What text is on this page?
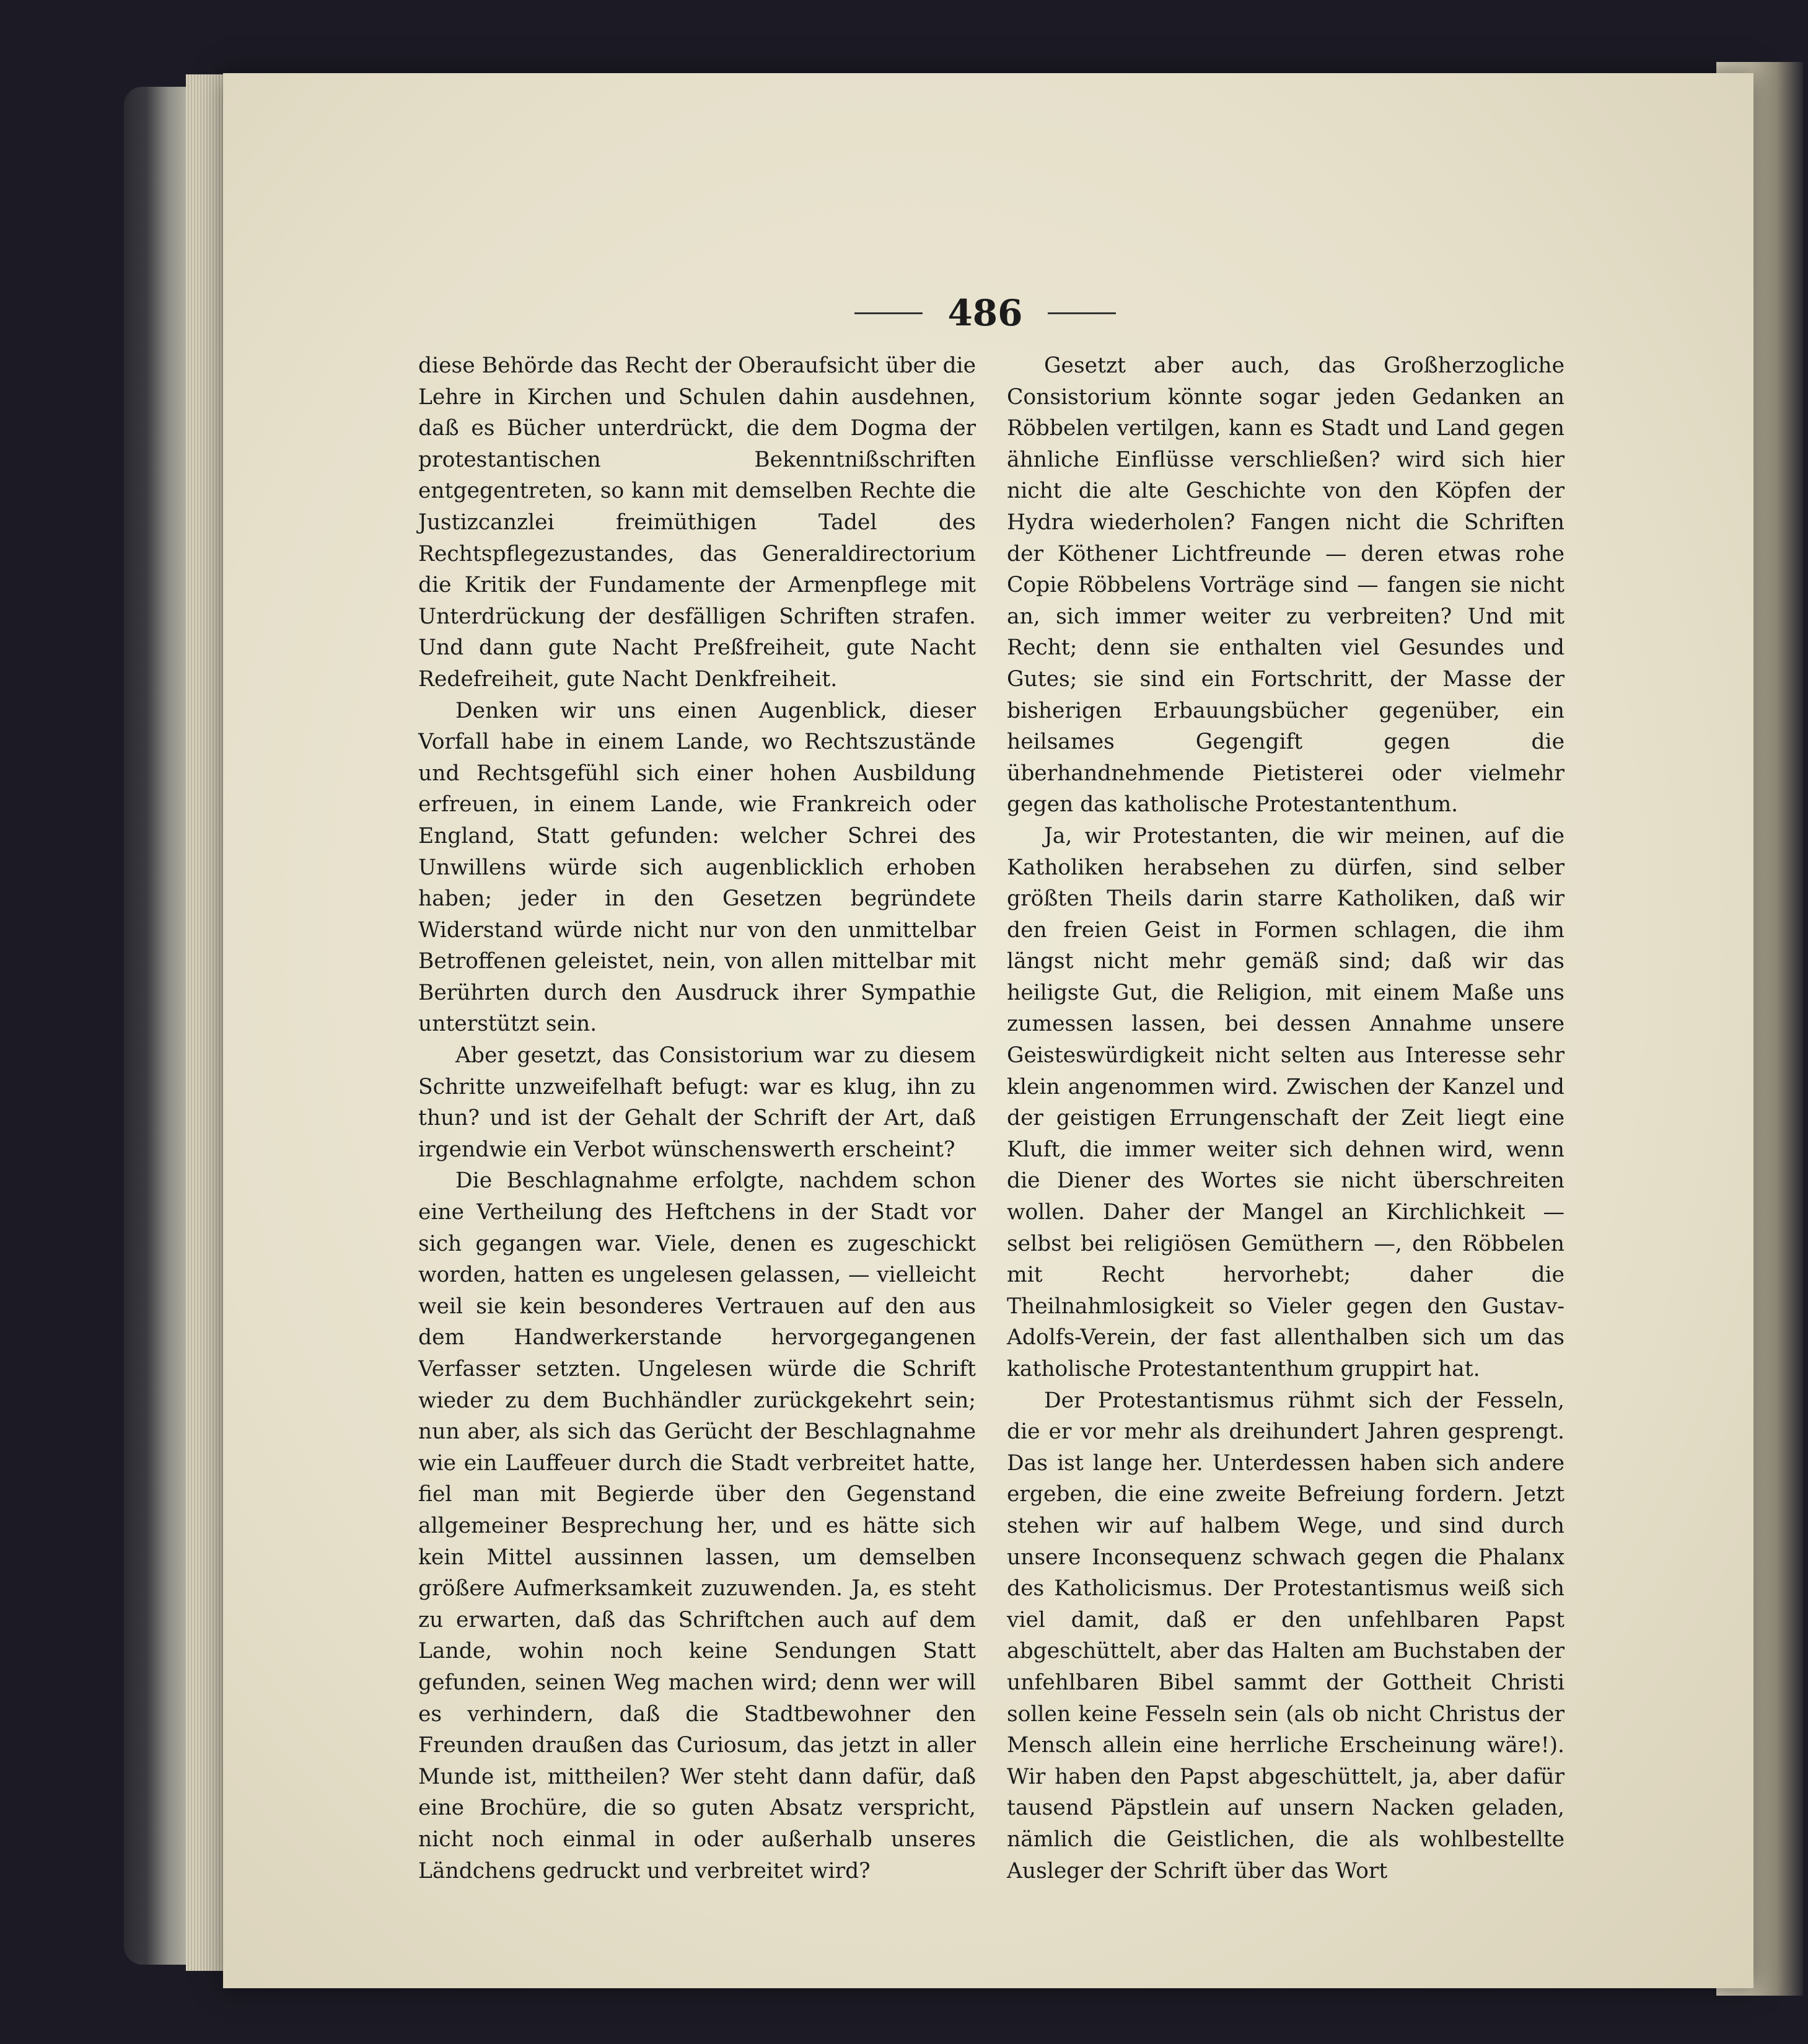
486

diese Behörde das Recht der Oberaufsicht über die Lehre in Kirchen und Schulen dahin ausdehnen, daß es Bücher unterdrückt, die dem Dogma der protestantischen Bekenntnißschriften entgegentreten, so kann mit demselben Rechte die Justizcanzlei freimüthigen Tadel des Rechtspflegezustandes, das Generaldirectorium die Kritik der Fundamente der Armenpflege mit Unterdrückung der desfälligen Schriften strafen. Und dann gute Nacht Preßfreiheit, gute Nacht Redefreiheit, gute Nacht Denkfreiheit.

Denken wir uns einen Augenblick, dieser Vorfall habe in einem Lande, wo Rechtszustände und Rechtsgefühl sich einer hohen Ausbildung erfreuen, in einem Lande, wie Frankreich oder England, Statt gefunden: welcher Schrei des Unwillens würde sich augenblicklich erhoben haben; jeder in den Gesetzen begründete Widerstand würde nicht nur von den unmittelbar Betroffenen geleistet, nein, von allen mittelbar mit Berührten durch den Ausdruck ihrer Sympathie unterstützt sein.

Aber gesetzt, das Consistorium war zu diesem Schritte unzweifelhaft befugt: war es klug, ihn zu thun? und ist der Gehalt der Schrift der Art, daß irgendwie ein Verbot wünschenswerth erscheint?

Die Beschlagnahme erfolgte, nachdem schon eine Vertheilung des Heftchens in der Stadt vor sich gegangen war. Viele, denen es zugeschickt worden, hatten es ungelesen gelassen, — vielleicht weil sie kein besonderes Vertrauen auf den aus dem Handwerkerstande hervorgegangenen Verfasser setzten. Ungelesen würde die Schrift wieder zu dem Buchhändler zurückgekehrt sein; nun aber, als sich das Gerücht der Beschlagnahme wie ein Lauffeuer durch die Stadt verbreitet hatte, fiel man mit Begierde über den Gegenstand allgemeiner Besprechung her, und es hätte sich kein Mittel aussinnen lassen, um demselben größere Aufmerksamkeit zuzuwenden. Ja, es steht zu erwarten, daß das Schriftchen auch auf dem Lande, wohin noch keine Sendungen Statt gefunden, seinen Weg machen wird; denn wer will es verhindern, daß die Stadtbewohner den Freunden draußen das Curiosum, das jetzt in aller Munde ist, mittheilen? Wer steht dann dafür, daß eine Brochüre, die so guten Absatz verspricht, nicht noch einmal in oder außerhalb unseres Ländchens gedruckt und verbreitet wird?

Gesetzt aber auch, das Großherzogliche Consistorium könnte sogar jeden Gedanken an Röbbelen vertilgen, kann es Stadt und Land gegen ähnliche Einflüsse verschließen? wird sich hier nicht die alte Geschichte von den Köpfen der Hydra wiederholen? Fangen nicht die Schriften der Köthener Lichtfreunde — deren etwas rohe Copie Röbbelens Vorträge sind — fangen sie nicht an, sich immer weiter zu verbreiten? Und mit Recht; denn sie enthalten viel Gesundes und Gutes; sie sind ein Fortschritt, der Masse der bisherigen Erbauungsbücher gegenüber, ein heilsames Gegengift gegen die überhandnehmende Pietisterei oder vielmehr gegen das katholische Protestantenthum.

Ja, wir Protestanten, die wir meinen, auf die Katholiken herabsehen zu dürfen, sind selber größten Theils darin starre Katholiken, daß wir den freien Geist in Formen schlagen, die ihm längst nicht mehr gemäß sind; daß wir das heiligste Gut, die Religion, mit einem Maße uns zumessen lassen, bei dessen Annahme unsere Geisteswürdigkeit nicht selten aus Interesse sehr klein angenommen wird. Zwischen der Kanzel und der geistigen Errungenschaft der Zeit liegt eine Kluft, die immer weiter sich dehnen wird, wenn die Diener des Wortes sie nicht überschreiten wollen. Daher der Mangel an Kirchlichkeit — selbst bei religiösen Gemüthern —, den Röbbelen mit Recht hervorhebt; daher die Theilnahmlosigkeit so Vieler gegen den Gustav-Adolfs-Verein, der fast allenthalben sich um das katholische Protestantenthum gruppirt hat.

Der Protestantismus rühmt sich der Fesseln, die er vor mehr als dreihundert Jahren gesprengt. Das ist lange her. Unterdessen haben sich andere ergeben, die eine zweite Befreiung fordern. Jetzt stehen wir auf halbem Wege, und sind durch unsere Inconsequenz schwach gegen die Phalanx des Katholicismus. Der Protestantismus weiß sich viel damit, daß er den unfehlbaren Papst abgeschüttelt, aber das Halten am Buchstaben der unfehlbaren Bibel sammt der Gottheit Christi sollen keine Fesseln sein (als ob nicht Christus der Mensch allein eine herrliche Erscheinung wäre!). Wir haben den Papst abgeschüttelt, ja, aber dafür tausend Päpstlein auf unsern Nacken geladen, nämlich die Geistlichen, die als wohlbestellte Ausleger der Schrift über das Wort
